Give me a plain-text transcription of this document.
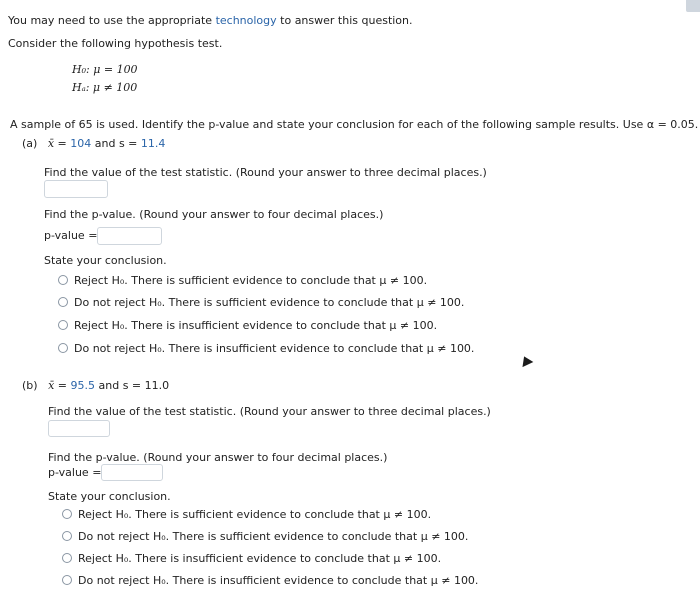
You may need to use the appropriate technology to answer this question.
Consider the following hypothesis test.
H₀: μ = 100
Hₐ: μ ≠ 100
A sample of 65 is used. Identify the p-value and state your conclusion for each of the following sample results. Use α = 0.05.
(a) x̄ = 104 and s = 11.4
Find the value of the test statistic. (Round your answer to three decimal places.)
Find the p-value. (Round your answer to four decimal places.)
p-value =
State your conclusion.
Reject H₀. There is sufficient evidence to conclude that μ ≠ 100.
Do not reject H₀. There is sufficient evidence to conclude that μ ≠ 100.
Reject H₀. There is insufficient evidence to conclude that μ ≠ 100.
Do not reject H₀. There is insufficient evidence to conclude that μ ≠ 100.
(b) x̄ = 95.5 and s = 11.0
Find the value of the test statistic. (Round your answer to three decimal places.)
Find the p-value. (Round your answer to four decimal places.)
p-value =
State your conclusion.
Reject H₀. There is sufficient evidence to conclude that μ ≠ 100.
Do not reject H₀. There is sufficient evidence to conclude that μ ≠ 100.
Reject H₀. There is insufficient evidence to conclude that μ ≠ 100.
Do not reject H₀. There is insufficient evidence to conclude that μ ≠ 100.
